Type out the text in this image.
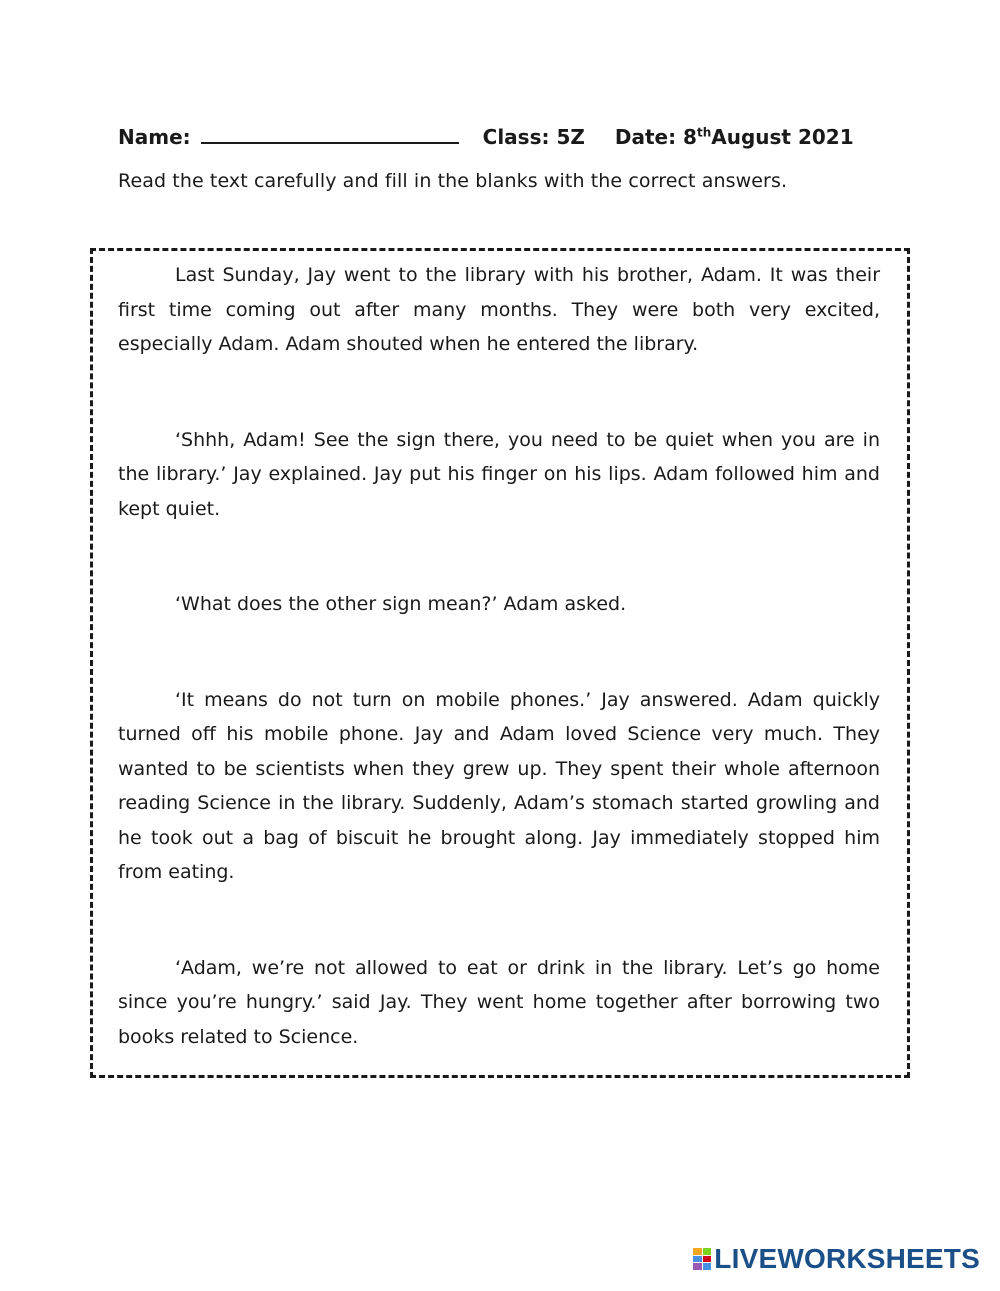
Name:	Class: 5Z Date: 8thAugust 2021
Read the text carefully and fill in the blanks with the correct answers.

Last Sunday, Jay went to the library with his brother, Adam. It was their first time coming out after many months. They were both very excited, especially Adam. Adam shouted when he entered the library.

‘Shhh, Adam! See the sign there, you need to be quiet when you are in the library.’ Jay explained. Jay put his finger on his lips. Adam followed him and kept quiet.

‘What does the other sign mean?’ Adam asked.

‘It means do not turn on mobile phones.’ Jay answered. Adam quickly turned off his mobile phone. Jay and Adam loved Science very much. They wanted to be scientists when they grew up. They spent their whole afternoon reading Science in the library. Suddenly, Adam’s stomach started growling and he took out a bag of biscuit he brought along. Jay immediately stopped him from eating.

‘Adam, we’re not allowed to eat or drink in the library. Let’s go home since you’re hungry.’ said Jay. They went home together after borrowing two books related to Science.

LIVEWORKSHEETS
